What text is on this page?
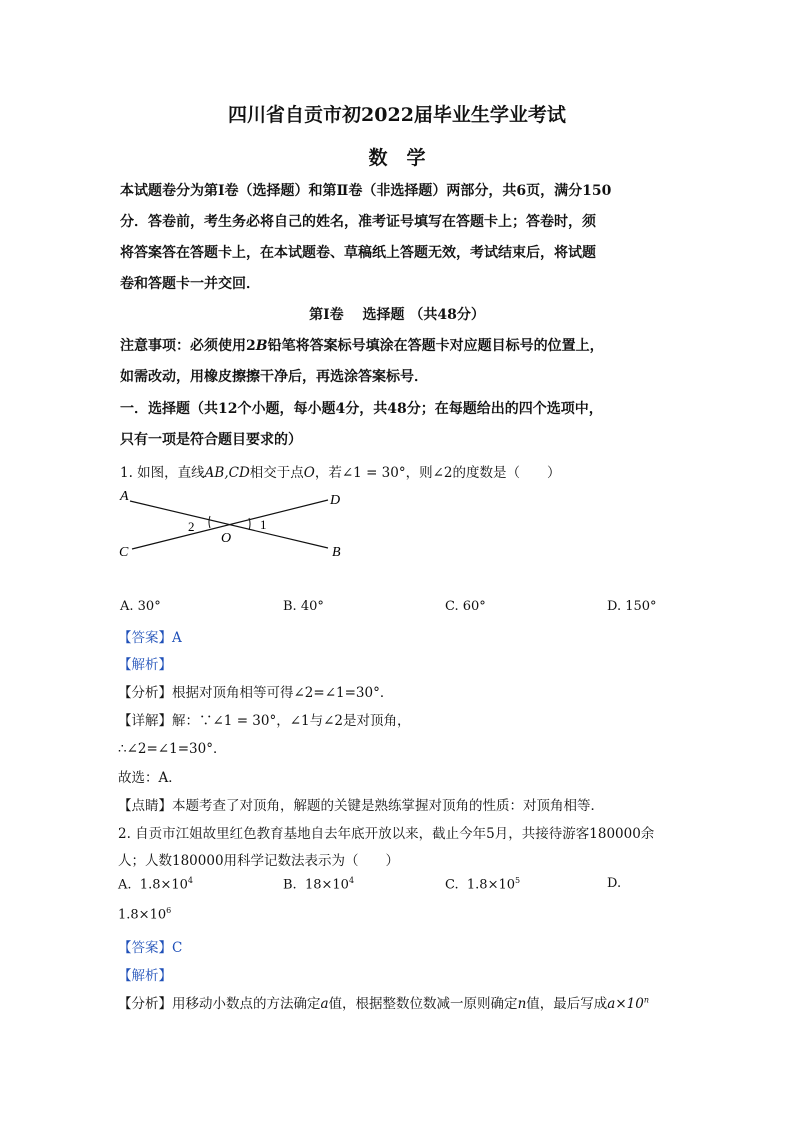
四川省自贡市初2022届毕业生学业考试
数　学
本试题卷分为第Ⅰ卷（选择题）和第Ⅱ卷（非选择题）两部分，共6页，满分150
分．答卷前，考生务必将自己的姓名，准考证号填写在答题卡上；答卷时，须
将答案答在答题卡上，在本试题卷、草稿纸上答题无效，考试结束后，将试题
卷和答题卡一并交回．
第Ⅰ卷　 选择题 （共48分）
注意事项：必须使用2B铅笔将答案标号填涂在答题卡对应题目标号的位置上，
如需改动，用橡皮擦擦干净后，再选涂答案标号．
一．选择题（共12个小题，每小题4分，共48分；在每题给出的四个选项中，
只有一项是符合题目要求的）
1. 如图，直线AB,CD相交于点O，若∠1 = 30°，则∠2的度数是（　　）
A
B
C
D
O
1
2
A. 30°	B. 40°	C. 60°	D. 150°
【答案】A
【解析】
【分析】根据对顶角相等可得∠2=∠1=30°．
【详解】解：∵∠1 = 30°，∠1与∠2是对顶角，
∴∠2=∠1=30°．
故选：A．
【点睛】本题考查了对顶角，解题的关键是熟练掌握对顶角的性质：对顶角相等．
2. 自贡市江姐故里红色教育基地自去年底开放以来，截止今年5月，共接待游客180000余
人；人数180000用科学记数法表示为（　　）
A. $1.8\times 10^4$	B. $18\times 10^4$	C. $1.8\times 10^5$	D.
$1.8\times 10^6$
【答案】C
【解析】
【分析】用移动小数点的方法确定a值，根据整数位数减一原则确定n值，最后写成$a\times 10^n$
